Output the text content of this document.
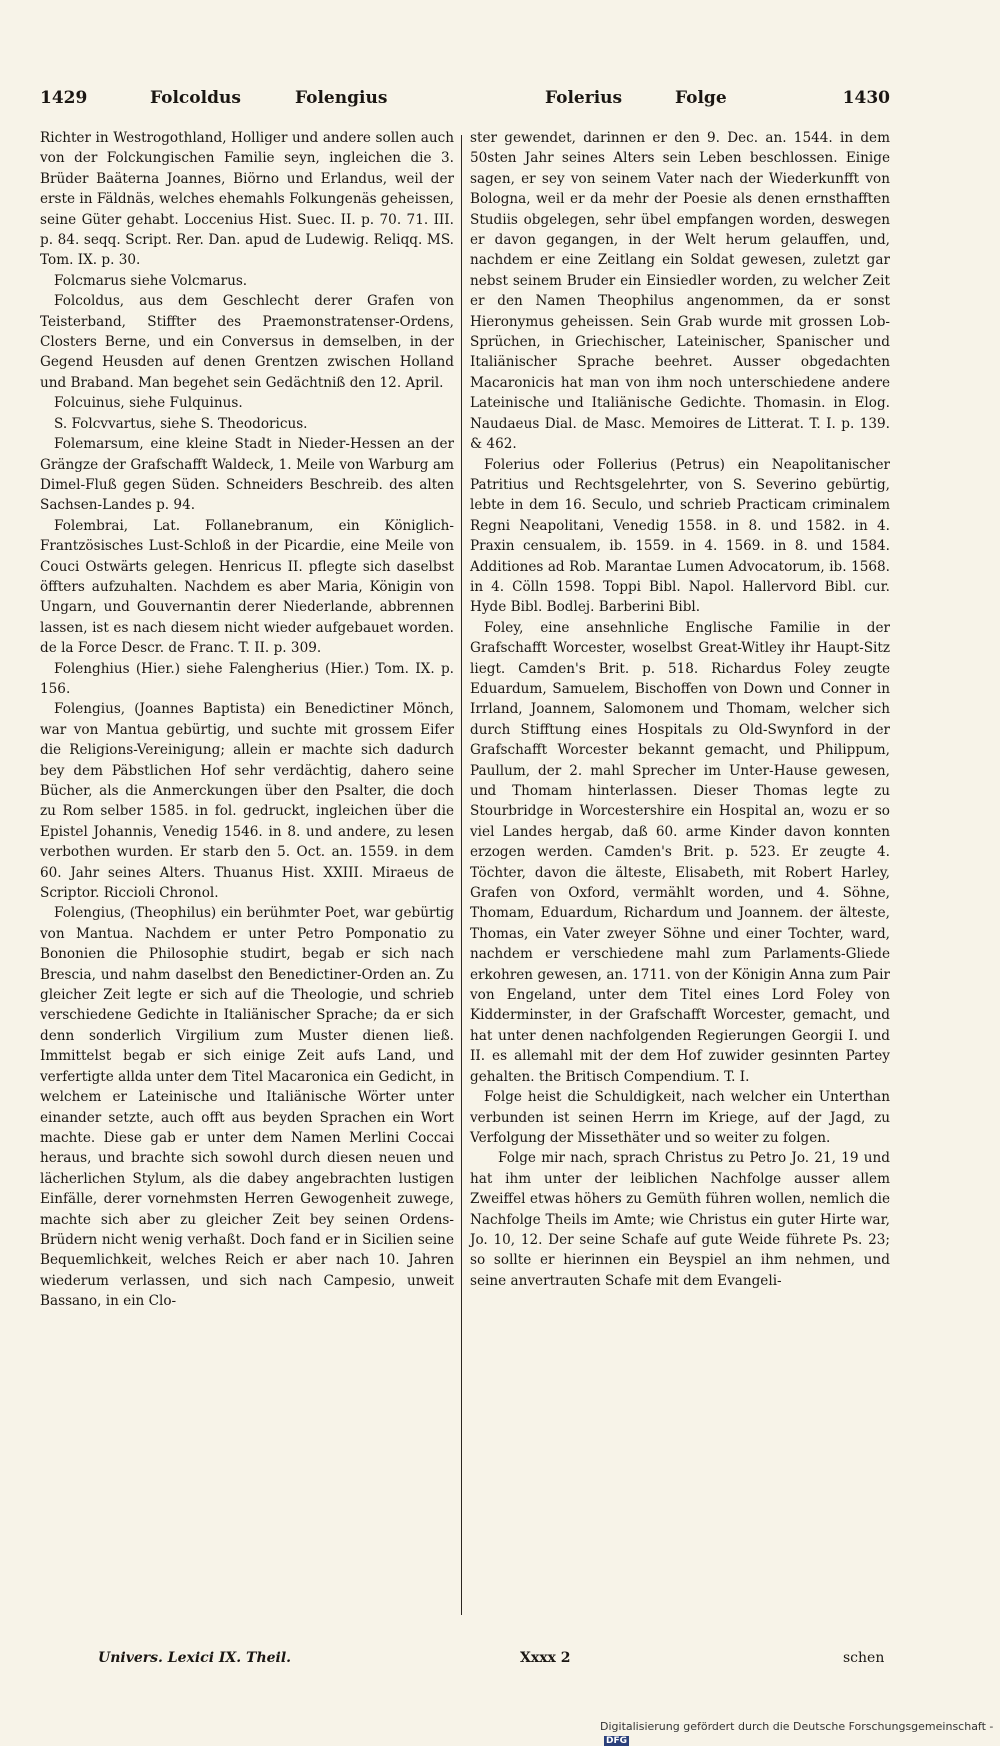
1429	Folcoldus	Folengius	Folerius	Folge	1430

Richter in Westrogothland, Holliger und andere sollen auch von der Folckungischen Familie seyn, ingleichen die 3. Brüder Baäterna Joannes, Biörno und Erlandus, weil der erste in Fäldnäs, welches ehemahls Folkungenäs geheissen, seine Güter gehabt. Loccenius Hist. Suec. II. p. 70. 71. III. p. 84. seqq. Script. Rer. Dan. apud de Ludewig. Reliqq. MS. Tom. IX. p. 30.

Folcmarus siehe Volcmarus.

Folcoldus, aus dem Geschlecht derer Grafen von Teisterband, Stiffter des Praemonstratenser-Ordens, Closters Berne, und ein Conversus in demselben, in der Gegend Heusden auf denen Grentzen zwischen Holland und Braband. Man begehet sein Gedächtniß den 12. April.

Folcuinus, siehe Fulquinus.

S. Folcvvartus, siehe S. Theodoricus.

Folemarsum, eine kleine Stadt in Nieder-Hessen an der Grängze der Grafschafft Waldeck, 1. Meile von Warburg am Dimel-Fluß gegen Süden. Schneiders Beschreib. des alten Sachsen-Landes p. 94.

Folembrai, Lat. Follanebranum, ein Königlich-Frantzösisches Lust-Schloß in der Picardie, eine Meile von Couci Ostwärts gelegen. Henricus II. pflegte sich daselbst öffters aufzuhalten. Nachdem es aber Maria, Königin von Ungarn, und Gouvernantin derer Niederlande, abbrennen lassen, ist es nach diesem nicht wieder aufgebauet worden. de la Force Descr. de Franc. T. II. p. 309.

Folenghius (Hier.) siehe Falengherius (Hier.) Tom. IX. p. 156.

Folengius, (Joannes Baptista) ein Benedictiner Mönch, war von Mantua gebürtig, und suchte mit grossem Eifer die Religions-Vereinigung; allein er machte sich dadurch bey dem Päbstlichen Hof sehr verdächtig, dahero seine Bücher, als die Anmerckungen über den Psalter, die doch zu Rom selber 1585. in fol. gedruckt, ingleichen über die Epistel Johannis, Venedig 1546. in 8. und andere, zu lesen verbothen wurden. Er starb den 5. Oct. an. 1559. in dem 60. Jahr seines Alters. Thuanus Hist. XXIII. Miraeus de Scriptor. Riccioli Chronol.

Folengius, (Theophilus) ein berühmter Poet, war gebürtig von Mantua. Nachdem er unter Petro Pomponatio zu Bononien die Philosophie studirt, begab er sich nach Brescia, und nahm daselbst den Benedictiner-Orden an. Zu gleicher Zeit legte er sich auf die Theologie, und schrieb verschiedene Gedichte in Italiänischer Sprache; da er sich denn sonderlich Virgilium zum Muster dienen ließ. Immittelst begab er sich einige Zeit aufs Land, und verfertigte allda unter dem Titel Macaronica ein Gedicht, in welchem er Lateinische und Italiänische Wörter unter einander setzte, auch offt aus beyden Sprachen ein Wort machte. Diese gab er unter dem Namen Merlini Coccai heraus, und brachte sich sowohl durch diesen neuen und lächerlichen Stylum, als die dabey angebrachten lustigen Einfälle, derer vornehmsten Herren Gewogenheit zuwege, machte sich aber zu gleicher Zeit bey seinen Ordens-Brüdern nicht wenig verhaßt. Doch fand er in Sicilien seine Bequemlichkeit, welches Reich er aber nach 10. Jahren wiederum verlassen, und sich nach Campesio, unweit Bassano, in ein Clo-

ster gewendet, darinnen er den 9. Dec. an. 1544. in dem 50sten Jahr seines Alters sein Leben beschlossen. Einige sagen, er sey von seinem Vater nach der Wiederkunfft von Bologna, weil er da mehr der Poesie als denen ernsthafften Studiis obgelegen, sehr übel empfangen worden, deswegen er davon gegangen, in der Welt herum gelauffen, und, nachdem er eine Zeitlang ein Soldat gewesen, zuletzt gar nebst seinem Bruder ein Einsiedler worden, zu welcher Zeit er den Namen Theophilus angenommen, da er sonst Hieronymus geheissen. Sein Grab wurde mit grossen Lob-Sprüchen, in Griechischer, Lateinischer, Spanischer und Italiänischer Sprache beehret. Ausser obgedachten Macaronicis hat man von ihm noch unterschiedene andere Lateinische und Italiänische Gedichte. Thomasin. in Elog. Naudaeus Dial. de Masc. Memoires de Litterat. T. I. p. 139. & 462.

Folerius oder Follerius (Petrus) ein Neapolitanischer Patritius und Rechtsgelehrter, von S. Severino gebürtig, lebte in dem 16. Seculo, und schrieb Practicam criminalem Regni Neapolitani, Venedig 1558. in 8. und 1582. in 4. Praxin censualem, ib. 1559. in 4. 1569. in 8. und 1584. Additiones ad Rob. Marantae Lumen Advocatorum, ib. 1568. in 4. Cölln 1598. Toppi Bibl. Napol. Hallervord Bibl. cur. Hyde Bibl. Bodlej. Barberini Bibl.

Foley, eine ansehnliche Englische Familie in der Grafschafft Worcester, woselbst Great-Witley ihr Haupt-Sitz liegt. Camden's Brit. p. 518. Richardus Foley zeugte Eduardum, Samuelem, Bischoffen von Down und Conner in Irrland, Joannem, Salomonem und Thomam, welcher sich durch Stifftung eines Hospitals zu Old-Swynford in der Grafschafft Worcester bekannt gemacht, und Philippum, Paullum, der 2. mahl Sprecher im Unter-Hause gewesen, und Thomam hinterlassen. Dieser Thomas legte zu Stourbridge in Worcestershire ein Hospital an, wozu er so viel Landes hergab, daß 60. arme Kinder davon konnten erzogen werden. Camden's Brit. p. 523. Er zeugte 4. Töchter, davon die älteste, Elisabeth, mit Robert Harley, Grafen von Oxford, vermählt worden, und 4. Söhne, Thomam, Eduardum, Richardum und Joannem. der älteste, Thomas, ein Vater zweyer Söhne und einer Tochter, ward, nachdem er verschiedene mahl zum Parlaments-Gliede erkohren gewesen, an. 1711. von der Königin Anna zum Pair von Engeland, unter dem Titel eines Lord Foley von Kidderminster, in der Grafschafft Worcester, gemacht, und hat unter denen nachfolgenden Regierungen Georgii I. und II. es allemahl mit der dem Hof zuwider gesinnten Partey gehalten. the Britisch Compendium. T. I.

Folge heist die Schuldigkeit, nach welcher ein Unterthan verbunden ist seinen Herrn im Kriege, auf der Jagd, zu Verfolgung der Missethäter und so weiter zu folgen.

Folge mir nach, sprach Christus zu Petro Jo. 21, 19 und hat ihm unter der leiblichen Nachfolge ausser allem Zweiffel etwas höhers zu Gemüth führen wollen, nemlich die Nachfolge Theils im Amte; wie Christus ein guter Hirte war, Jo. 10, 12. Der seine Schafe auf gute Weide führete Ps. 23; so sollte er hierinnen ein Beyspiel an ihm nehmen, und seine anvertrauten Schafe mit dem Evangeli-

Univers. Lexici IX. Theil.	Xxxx 2	schen
Digitalisierung gefördert durch die Deutsche Forschungsgemeinschaft -DFG
